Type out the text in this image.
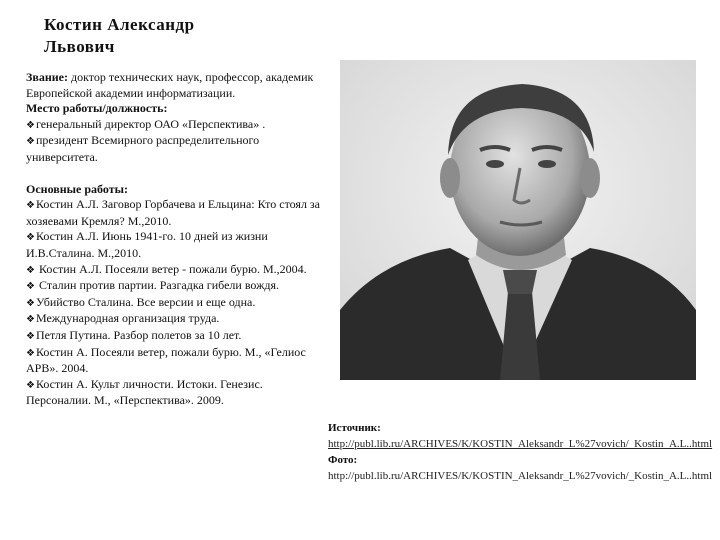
Костин Александр
Львович

Звание: доктор технических наук, профессор, академик Европейской академии информатизации.

Место работы/должность:

❖генеральный директор ОАО «Перспектива» .

❖президент Всемирного распределительного университета.

Основные работы:

❖Костин А.Л. Заговор Горбачева и Ельцина: Кто стоял за хозяевами Кремля? М.,2010.

❖Костин А.Л. Июнь 1941-го. 10 дней из жизни И.В.Сталина. М.,2010.

❖ Костин А.Л. Посеяли ветер - пожали бурю. М.,2004.

❖ Сталин против партии. Разгадка гибели вождя.

❖Убийство Сталина. Все версии и еще одна.

❖Международная организация труда.

❖Петля Путина. Разбор полетов за 10 лет.

❖Костин А. Посеяли ветер, пожали бурю. М., «Гелиос АРВ». 2004.

❖Костин А. Культ личности. Истоки. Генезис. Персоналии. М., «Перспектива». 2009.

Источник:

http://publ.lib.ru/ARCHIVES/K/KOSTIN_Aleksandr_L%27vovich/_Kostin_A.L..html

Фото:

http://publ.lib.ru/ARCHIVES/K/KOSTIN_Aleksandr_L%27vovich/_Kostin_A.L..html
